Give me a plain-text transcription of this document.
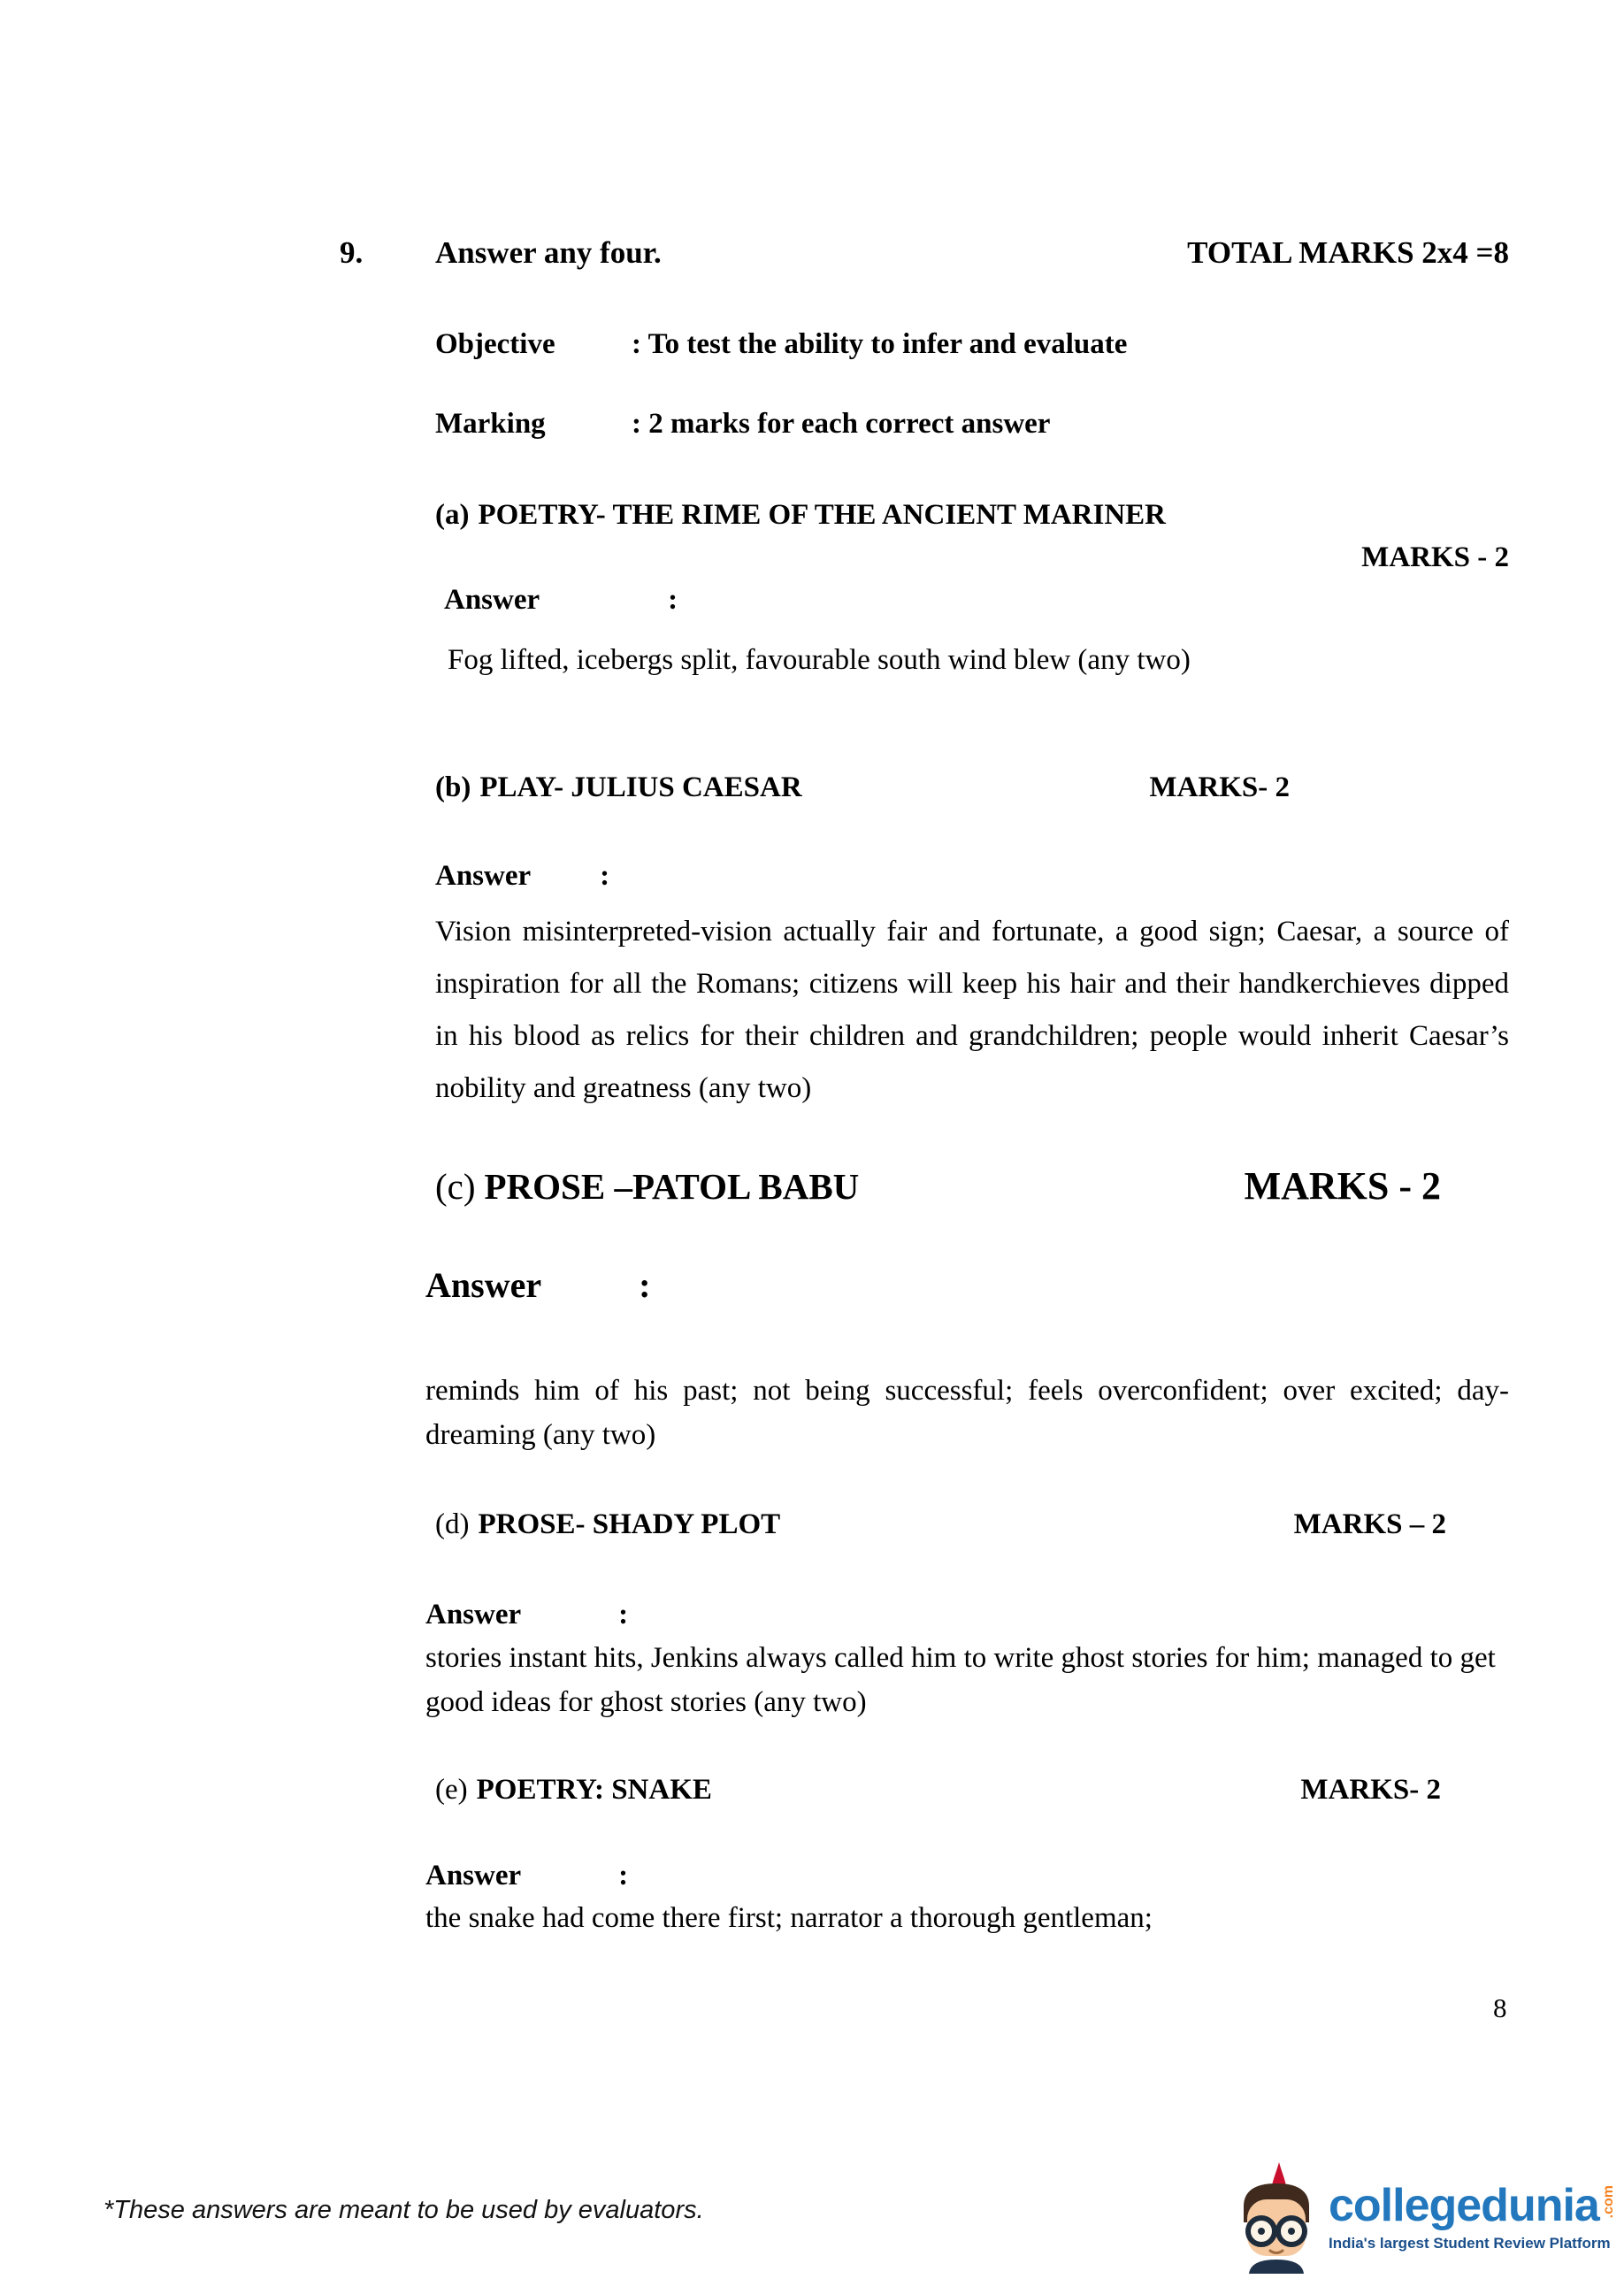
9.	Answer any four.	TOTAL MARKS 2x4 =8
Objective	: To test the ability to infer and evaluate
Marking	: 2 marks for each correct answer
(a) POETRY- THE RIME OF THE ANCIENT MARINER
MARKS - 2
Answer	:
Fog lifted, icebergs split, favourable south wind blew (any two)
(b) PLAY- JULIUS CAESAR	MARKS- 2
Answer :
Vision misinterpreted-vision actually fair and fortunate, a good sign; Caesar, a source of inspiration for all the Romans; citizens will keep his hair and their handkerchieves dipped in his blood as relics for their children and grandchildren; people would inherit Caesar’s nobility and greatness (any two)
(c) PROSE –PATOL BABU	MARKS - 2
Answer	:
reminds him of his past; not being successful; feels overconfident; over excited; day-dreaming (any two)
(d) PROSE- SHADY PLOT	MARKS – 2
Answer	:
stories instant hits, Jenkins always called him to write ghost stories for him; managed to get good ideas for ghost stories (any two)
(e) POETRY: SNAKE	MARKS- 2
Answer	:
the snake had come there first; narrator a thorough gentleman;
8
*These answers are meant to be used by evaluators.	collegedunia .com
India's largest Student Review Platform
